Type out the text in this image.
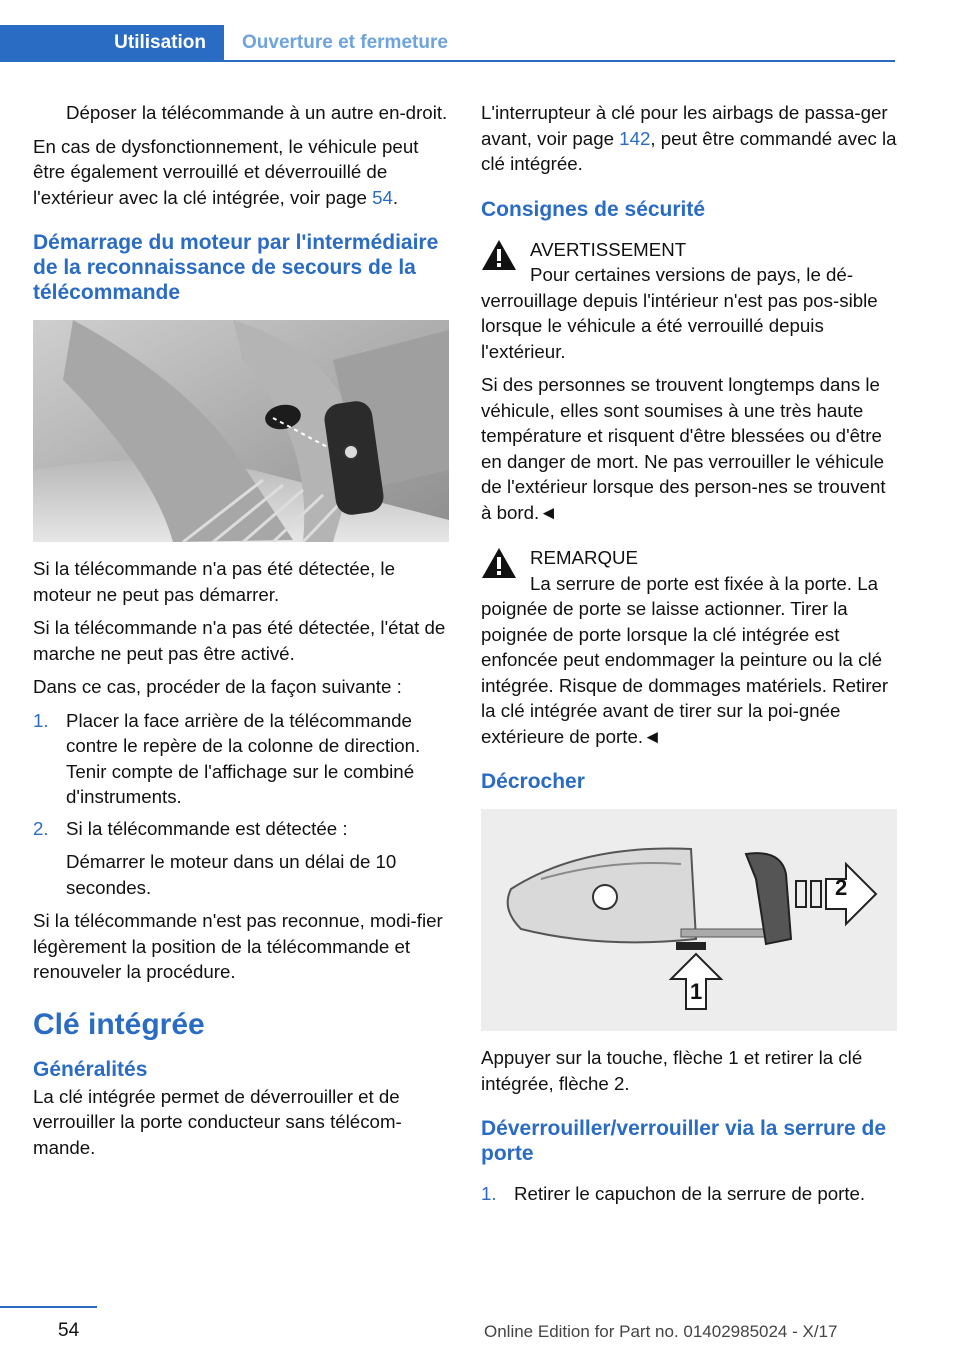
Utilisation	Ouverture et fermeture

Déposer la télécommande à un autre en-droit.

En cas de dysfonctionnement, le véhicule peut être également verrouillé et déverrouillé de l'extérieur avec la clé intégrée, voir page 54.

Démarrage du moteur par l'intermédiaire de la reconnaissance de secours de la télécommande

Si la télécommande n'a pas été détectée, le moteur ne peut pas démarrer.

Si la télécommande n'a pas été détectée, l'état de marche ne peut pas être activé.

Dans ce cas, procéder de la façon suivante :

1. Placer la face arrière de la télécommande contre le repère de la colonne de direction. Tenir compte de l'affichage sur le combiné d'instruments.
2. Si la télécommande est détectée :

Démarrer le moteur dans un délai de 10 secondes.

Si la télécommande n'est pas reconnue, modi-fier légèrement la position de la télécommande et renouveler la procédure.

Clé intégrée
Généralités

La clé intégrée permet de déverrouiller et de verrouiller la porte conducteur sans télécom-mande.

L'interrupteur à clé pour les airbags de passa-ger avant, voir page 142, peut être commandé avec la clé intégrée.

Consignes de sécurité
AVERTISSEMENT

Pour certaines versions de pays, le dé-verrouillage depuis l'intérieur n'est pas pos-sible lorsque le véhicule a été verrouillé depuis l'extérieur.

Si des personnes se trouvent longtemps dans le véhicule, elles sont soumises à une très haute température et risquent d'être blessées ou d'être en danger de mort. Ne pas verrouiller le véhicule de l'extérieur lorsque des person-nes se trouvent à bord.◄

REMARQUE

La serrure de porte est fixée à la porte. La poignée de porte se laisse actionner. Tirer la poignée de porte lorsque la clé intégrée est enfoncée peut endommager la peinture ou la clé intégrée. Risque de dommages matériels. Retirer la clé intégrée avant de tirer sur la poi-gnée extérieure de porte.◄

Décrocher
2
1

Appuyer sur la touche, flèche 1 et retirer la clé intégrée, flèche 2.

Déverrouiller/verrouiller via la serrure de porte
1. Retirer le capuchon de la serrure de porte.
54	Online Edition for Part no. 01402985024 - X/17
